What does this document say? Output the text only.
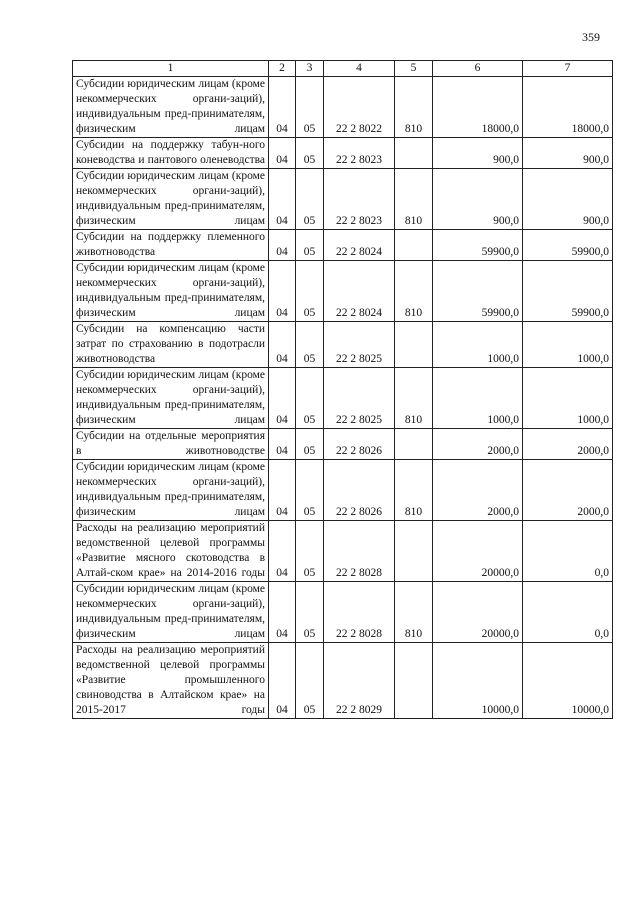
359
1	2	3	4	5	6	7
Субсидии юридическим лицам (кроме некоммерческих органи-заций), индивидуальным пред-принимателям, физическим лицам	04	05	22 2 8022	810	18000,0	18000,0
Субсидии на поддержку табун-ного коневодства и пантового оленеводства	04	05	22 2 8023		900,0	900,0
Субсидии юридическим лицам (кроме некоммерческих органи-заций), индивидуальным пред-принимателям, физическим лицам	04	05	22 2 8023	810	900,0	900,0
Субсидии на поддержку племенного животноводства	04	05	22 2 8024		59900,0	59900,0
Субсидии юридическим лицам (кроме некоммерческих органи-заций), индивидуальным пред-принимателям, физическим лицам	04	05	22 2 8024	810	59900,0	59900,0
Субсидии на компенсацию части затрат по страхованию в подотрасли животноводства	04	05	22 2 8025		1000,0	1000,0
Субсидии юридическим лицам (кроме некоммерческих органи-заций), индивидуальным пред-принимателям, физическим лицам	04	05	22 2 8025	810	1000,0	1000,0
Субсидии на отдельные мероприятия в животноводстве	04	05	22 2 8026		2000,0	2000,0
Субсидии юридическим лицам (кроме некоммерческих органи-заций), индивидуальным пред-принимателям, физическим лицам	04	05	22 2 8026	810	2000,0	2000,0
Расходы на реализацию мероприятий ведомственной целевой программы «Развитие мясного скотоводства в Алтай-ском крае» на 2014-2016 годы	04	05	22 2 8028		20000,0	0,0
Субсидии юридическим лицам (кроме некоммерческих органи-заций), индивидуальным пред-принимателям, физическим лицам	04	05	22 2 8028	810	20000,0	0,0
Расходы на реализацию мероприятий ведомственной целевой программы «Развитие промышленного свиноводства в Алтайском крае» на 2015-2017 годы	04	05	22 2 8029		10000,0	10000,0
